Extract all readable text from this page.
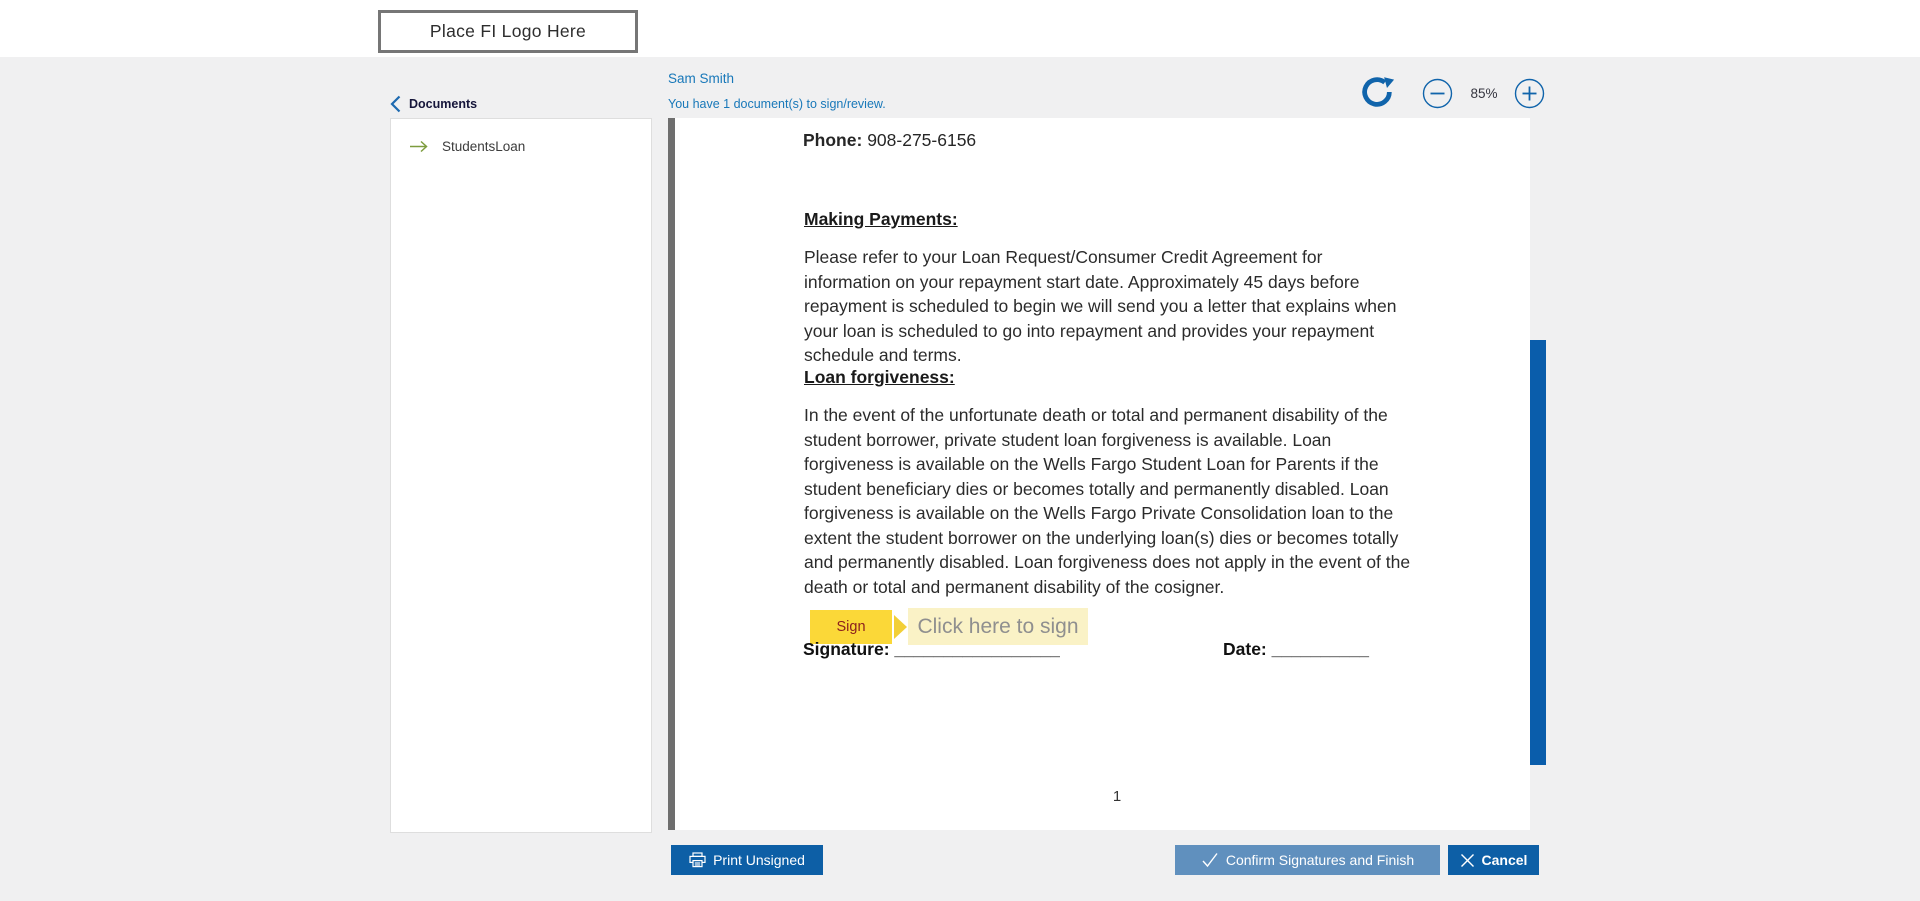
Place FI Logo Here
Documents
Sam Smith
You have 1 document(s) to sign/review.
85%
StudentsLoan	Phone: 908-275-6156
Making Payments:
Please refer to your Loan Request/Consumer Credit Agreement for
information on your repayment start date. Approximately 45 days before
repayment is scheduled to begin we will send you a letter that explains when
your loan is scheduled to go into repayment and provides your repayment
schedule and terms.
Loan forgiveness:
In the event of the unfortunate death or total and permanent disability of the
student borrower, private student loan forgiveness is available. Loan
forgiveness is available on the Wells Fargo Student Loan for Parents if the
student beneficiary dies or becomes totally and permanently disabled. Loan
forgiveness is available on the Wells Fargo Private Consolidation loan to the
extent the student borrower on the underlying loan(s) dies or becomes totally
and permanently disabled. Loan forgiveness does not apply in the event of the
death or total and permanent disability of the cosigner.
Sign	Click here to sign
Signature: _________________	Date: __________
1
Print Unsigned	Confirm Signatures and Finish	Cancel
